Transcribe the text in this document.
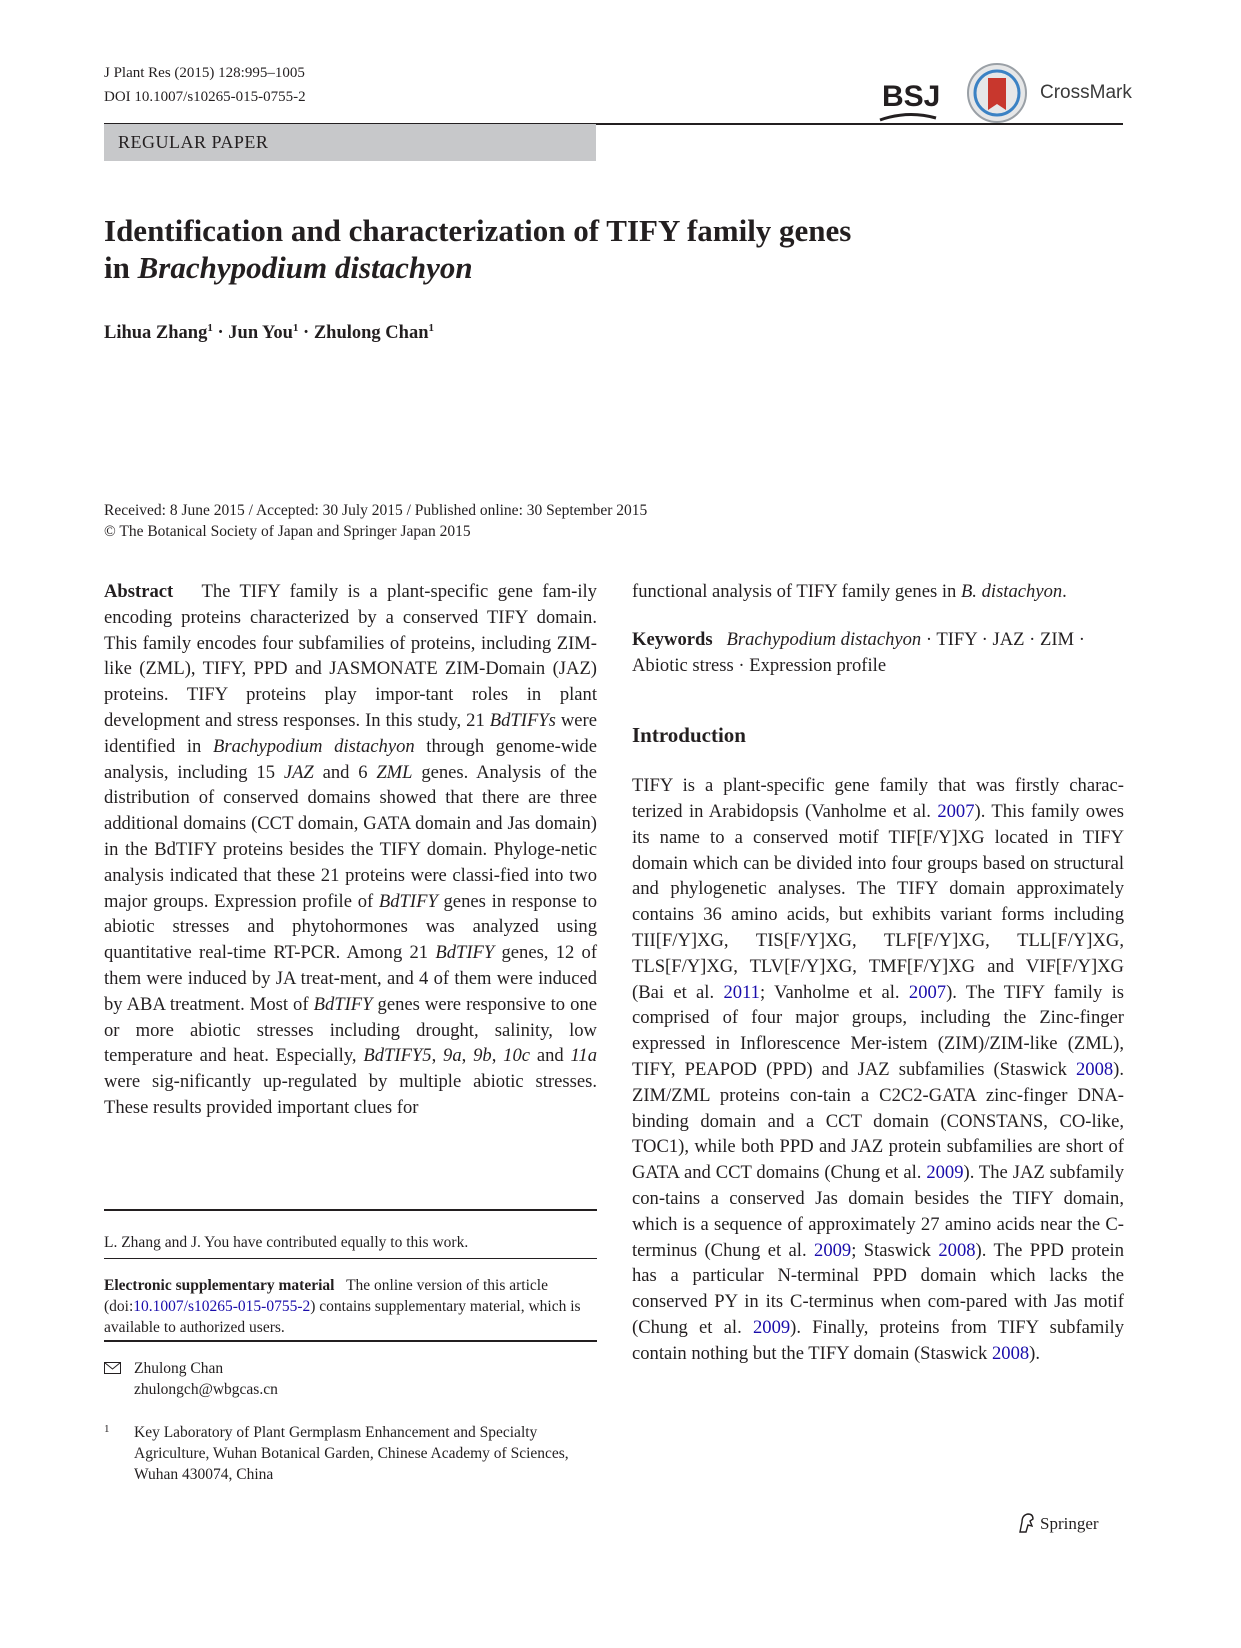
J Plant Res (2015) 128:995–1005
DOI 10.1007/s10265-015-0755-2	BSJ	CrossMark
REGULAR PAPER
Identification and characterization of TIFY family genes
in Brachypodium distachyon
Lihua Zhang$^1$ · Jun You$^1$ · Zhulong Chan$^1$
Received: 8 June 2015 / Accepted: 30 July 2015 / Published online: 30 September 2015
© The Botanical Society of Japan and Springer Japan 2015

Abstract The TIFY family is a plant-specific gene fam-ily encoding proteins characterized by a conserved TIFY domain. This family encodes four subfamilies of proteins, including ZIM-like (ZML), TIFY, PPD and JASMONATE ZIM-Domain (JAZ) proteins. TIFY proteins play impor-tant roles in plant development and stress responses. In this study, 21 BdTIFYs were identified in Brachypodium distachyon through genome-wide analysis, including 15 JAZ and 6 ZML genes. Analysis of the distribution of conserved domains showed that there are three additional domains (CCT domain, GATA domain and Jas domain) in the BdTIFY proteins besides the TIFY domain. Phyloge-netic analysis indicated that these 21 proteins were classi-fied into two major groups. Expression profile of BdTIFY genes in response to abiotic stresses and phytohormones was analyzed using quantitative real-time RT-PCR. Among 21 BdTIFY genes, 12 of them were induced by JA treat-ment, and 4 of them were induced by ABA treatment. Most of BdTIFY genes were responsive to one or more abiotic stresses including drought, salinity, low temperature and heat. Especially, BdTIFY5, 9a, 9b, 10c and 11a were sig-nificantly up-regulated by multiple abiotic stresses. These results provided important clues for

functional analysis of TIFY family genes in B. distachyon.

Keywords Brachypodium distachyon · TIFY · JAZ · ZIM · Abiotic stress · Expression profile

Introduction

TIFY is a plant-specific gene family that was firstly charac-terized in Arabidopsis (Vanholme et al. 2007). This family owes its name to a conserved motif TIF[F/Y]XG located in TIFY domain which can be divided into four groups based on structural and phylogenetic analyses. The TIFY domain approximately contains 36 amino acids, but exhibits variant forms including TII[F/Y]XG, TIS[F/Y]XG, TLF[F/Y]XG, TLL[F/Y]XG, TLS[F/Y]XG, TLV[F/Y]XG, TMF[F/Y]XG and VIF[F/Y]XG (Bai et al. 2011; Vanholme et al. 2007). The TIFY family is comprised of four major groups, including the Zinc-finger expressed in Inflorescence Mer-istem (ZIM)/ZIM-like (ZML), TIFY, PEAPOD (PPD) and JAZ subfamilies (Staswick 2008). ZIM/ZML proteins con-tain a C2C2-GATA zinc-finger DNA-binding domain and a CCT domain (CONSTANS, CO-like, TOC1), while both PPD and JAZ protein subfamilies are short of GATA and CCT domains (Chung et al. 2009). The JAZ subfamily con-tains a conserved Jas domain besides the TIFY domain, which is a sequence of approximately 27 amino acids near the C-terminus (Chung et al. 2009; Staswick 2008). The PPD protein has a particular N-terminal PPD domain which lacks the conserved PY in its C-terminus when com-pared with Jas motif (Chung et al. 2009). Finally, proteins from TIFY subfamily contain nothing but the TIFY domain (Staswick 2008).

L. Zhang and J. You have contributed equally to this work.
Electronic supplementary material The online version of this article (doi:10.1007/s10265-015-0755-2) contains supplementary material, which is available to authorized users.
Zhulong Chan
zhulongch@wbgcas.cn
1 Key Laboratory of Plant Germplasm Enhancement and Specialty Agriculture, Wuhan Botanical Garden, Chinese Academy of Sciences, Wuhan 430074, China
Springer
